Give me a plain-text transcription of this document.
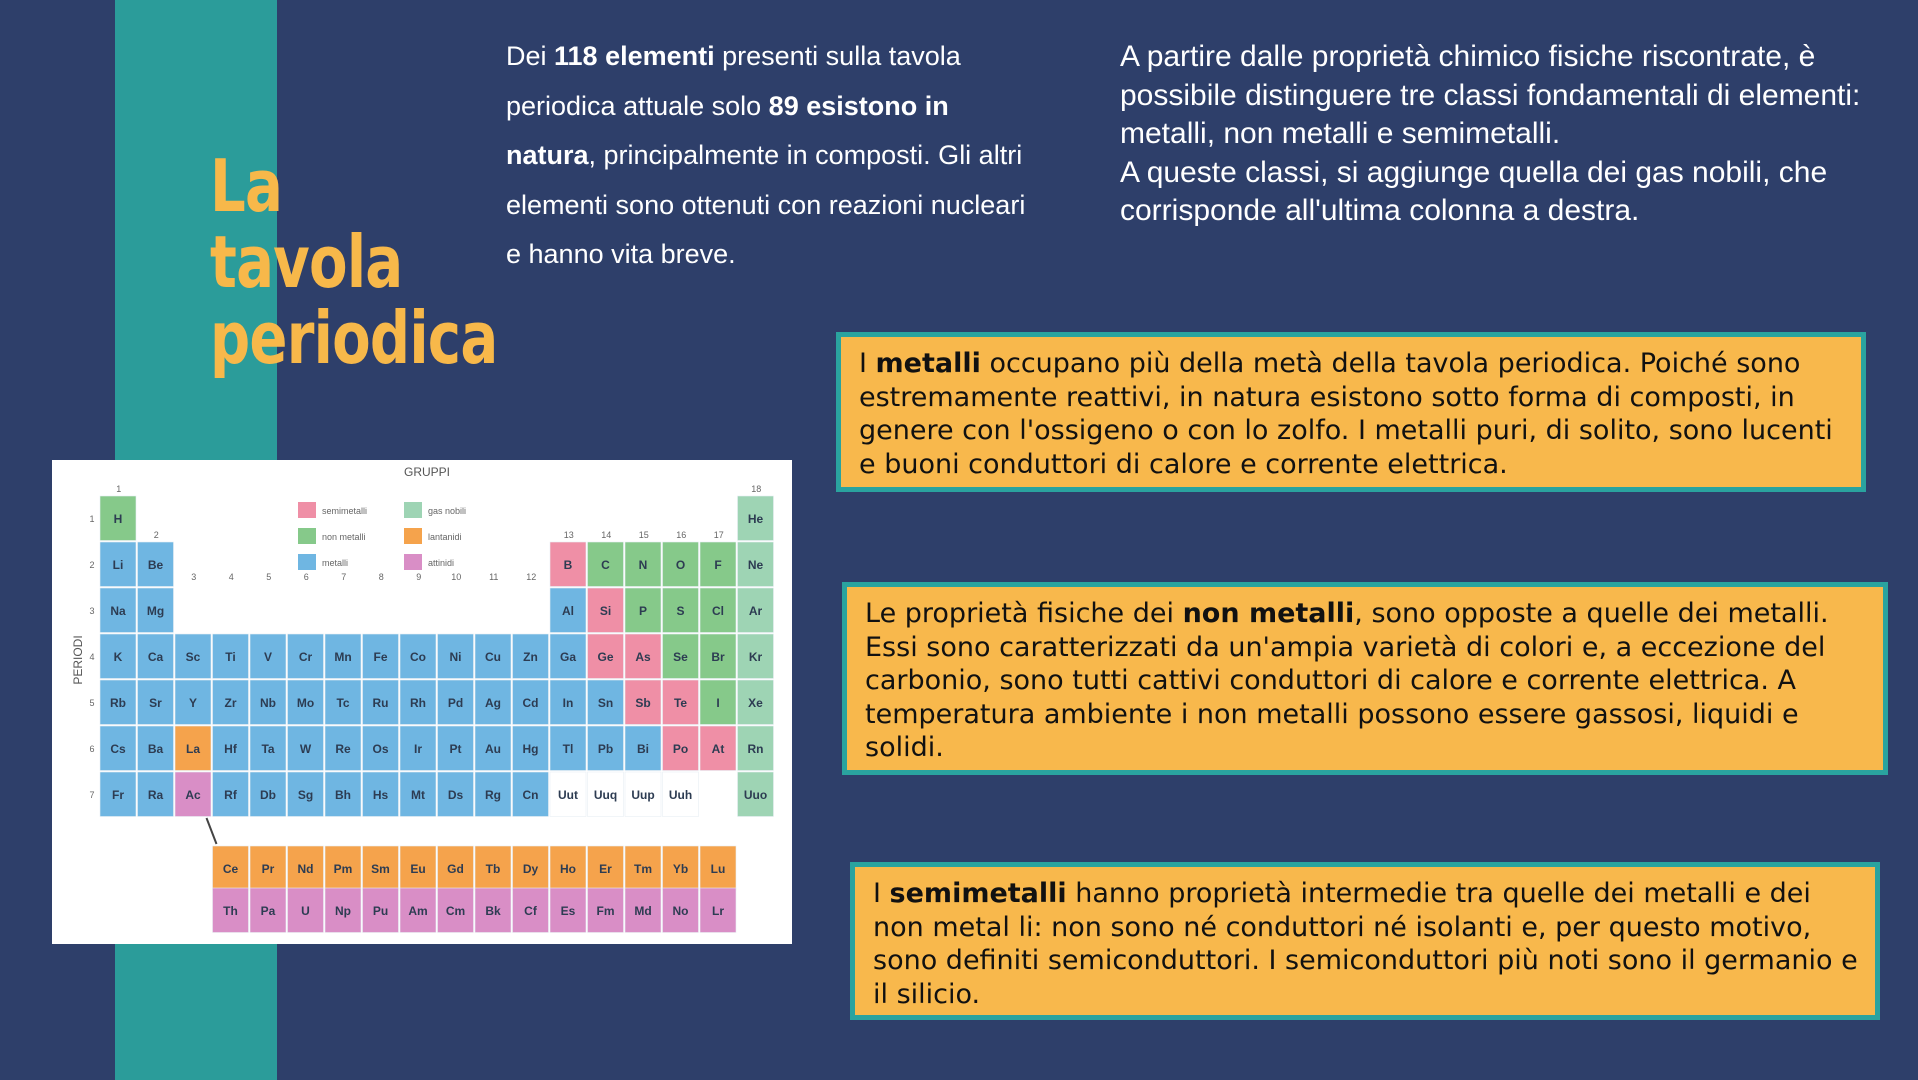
La tavola
periodica

Dei 118 elementi presenti sulla tavola periodica attuale solo 89 esistono in natura, principalmente in composti. Gli altri elementi sono ottenuti con reazioni nucleari e hanno vita breve.

A partire dalle proprietà chimico fisiche riscontrate, è possibile distinguere tre classi fondamentali di elementi: metalli, non metalli e semimetalli.

A queste classi, si aggiunge quella dei gas nobili, che corrisponde all'ultima colonna a destra.

I metalli occupano più della metà della tavola periodica. Poiché sono estremamente reattivi, in natura esistono sotto forma di composti, in genere con l'ossigeno o con lo zolfo. I metalli puri, di solito, sono lucenti e buoni conduttori di calore e corrente elettrica.

Le proprietà fisiche dei non metalli, sono opposte a quelle dei metalli. Essi sono caratterizzati da un'ampia varietà di colori e, a eccezione del carbonio, sono tutti cattivi conduttori di calore e corrente elettrica. A temperatura ambiente i non metalli possono essere gassosi, liquidi e solidi.

I semimetalli hanno proprietà intermedie tra quelle dei metalli e dei non metal li: non sono né conduttori né isolanti e, per questo motivo, sono definiti semiconduttori. I semiconduttori più noti sono il germanio e il silicio.

GRUPPI
PERIODI
semimetalli
non metalli
metalli
gas nobili
lantanidi
attinidi
H	He
Li Be	B C N O F Ne
Na Mg	Al Si P S Cl Ar
K Ca Sc Ti V Cr Mn Fe Co Ni Cu Zn Ga Ge As Se Br Kr
Rb Sr Y Zr Nb Mo Tc Ru Rh Pd Ag Cd In Sn Sb Te I Xe
Cs Ba La Hf Ta W Re Os Ir Pt Au Hg Tl Pb Bi Po At Rn
Fr Ra Ac Rf Db Sg Bh Hs Mt Ds Rg Cn Uut Uuq Uup Uuh	Uuo
Ce Pr Nd Pm Sm Eu Gd Tb Dy Ho Er Tm Yb Lu
Th Pa U Np Pu Am Cm Bk Cf Es Fm Md No Lr
1
2
3	4	5	6	7	8	9	10	11	12
13	14	15	16	17
18
1
2
3
4
5
6
7
